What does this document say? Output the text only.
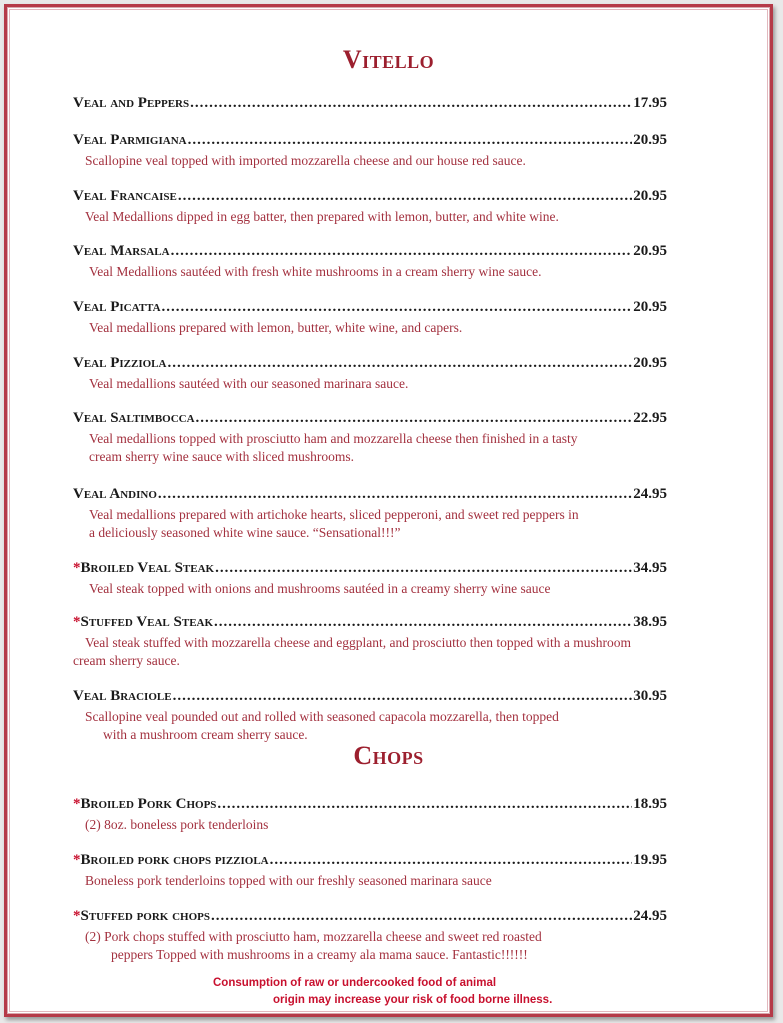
Vitello
Veal and Peppers .....	17.95
Veal Parmigiana .....	20.95
Scallopine veal topped with imported mozzarella cheese and our house red sauce.
Veal Francaise .....	20.95
Veal Medallions dipped in egg batter, then prepared with lemon, butter, and white wine.
Veal Marsala .....	20.95
Veal Medallions sautéed with fresh white mushrooms in a cream sherry wine sauce.
Veal Picatta .....	20.95
Veal medallions prepared with lemon, butter, white wine, and capers.
Veal Pizziola .....	20.95
Veal medallions sautéed with our seasoned marinara sauce.
Veal Saltimbocca .....	22.95
Veal medallions topped with prosciutto ham and mozzarella cheese then finished in a tasty
cream sherry wine sauce with sliced mushrooms.
Veal Andino .....	24.95
Veal medallions prepared with artichoke hearts, sliced pepperoni, and sweet red peppers in
a deliciously seasoned white wine sauce. “Sensational!!!”
* Broiled Veal Steak .....	34.95
Veal steak topped with onions and mushrooms sautéed in a creamy sherry wine sauce
* Stuffed Veal Steak .....	38.95
Veal steak stuffed with mozzarella cheese and eggplant, and prosciutto then topped with a mushroom
cream sherry sauce.
Veal Braciole .....	30.95
Scallopine veal pounded out and rolled with seasoned capacola mozzarella, then topped
with a mushroom cream sherry sauce.
Chops
* Broiled Pork Chops .....	18.95
(2) 8oz. boneless pork tenderloins
* Broiled pork chops pizziola .....	19.95
Boneless pork tenderloins topped with our freshly seasoned marinara sauce
* Stuffed pork chops .....	24.95
(2) Pork chops stuffed with prosciutto ham, mozzarella cheese and sweet red roasted
peppers Topped with mushrooms in a creamy ala mama sauce. Fantastic!!!!!!
Consumption of raw or undercooked food of animal
origin may increase your risk of food borne illness.
